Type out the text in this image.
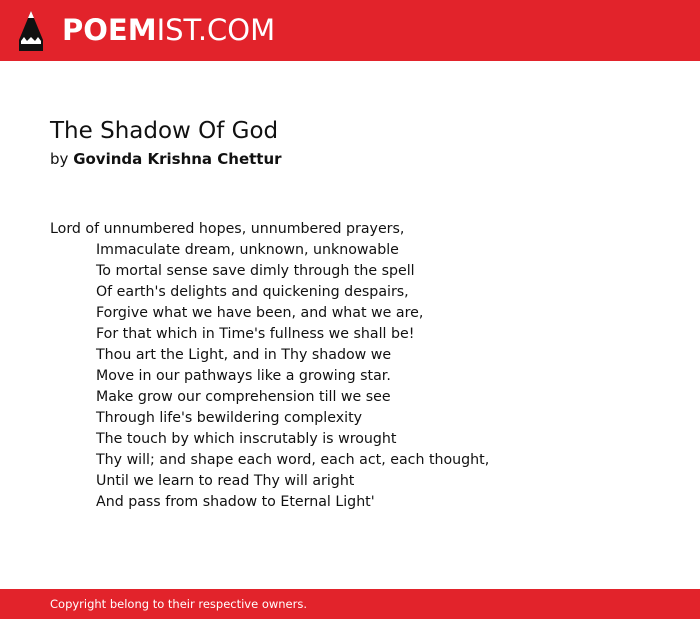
POEMIST.COM
The Shadow Of God
by Govinda Krishna Chettur
Lord of unnumbered hopes, unnumbered prayers,
Immaculate dream, unknown, unknowable
To mortal sense save dimly through the spell
Of earth's delights and quickening despairs,
Forgive what we have been, and what we are,
For that which in Time's fullness we shall be!
Thou art the Light, and in Thy shadow we
Move in our pathways like a growing star.
Make grow our comprehension till we see
Through life's bewildering complexity
The touch by which inscrutably is wrought
Thy will; and shape each word, each act, each thought,
Until we learn to read Thy will aright
And pass from shadow to Eternal Light'
Copyright belong to their respective owners.
